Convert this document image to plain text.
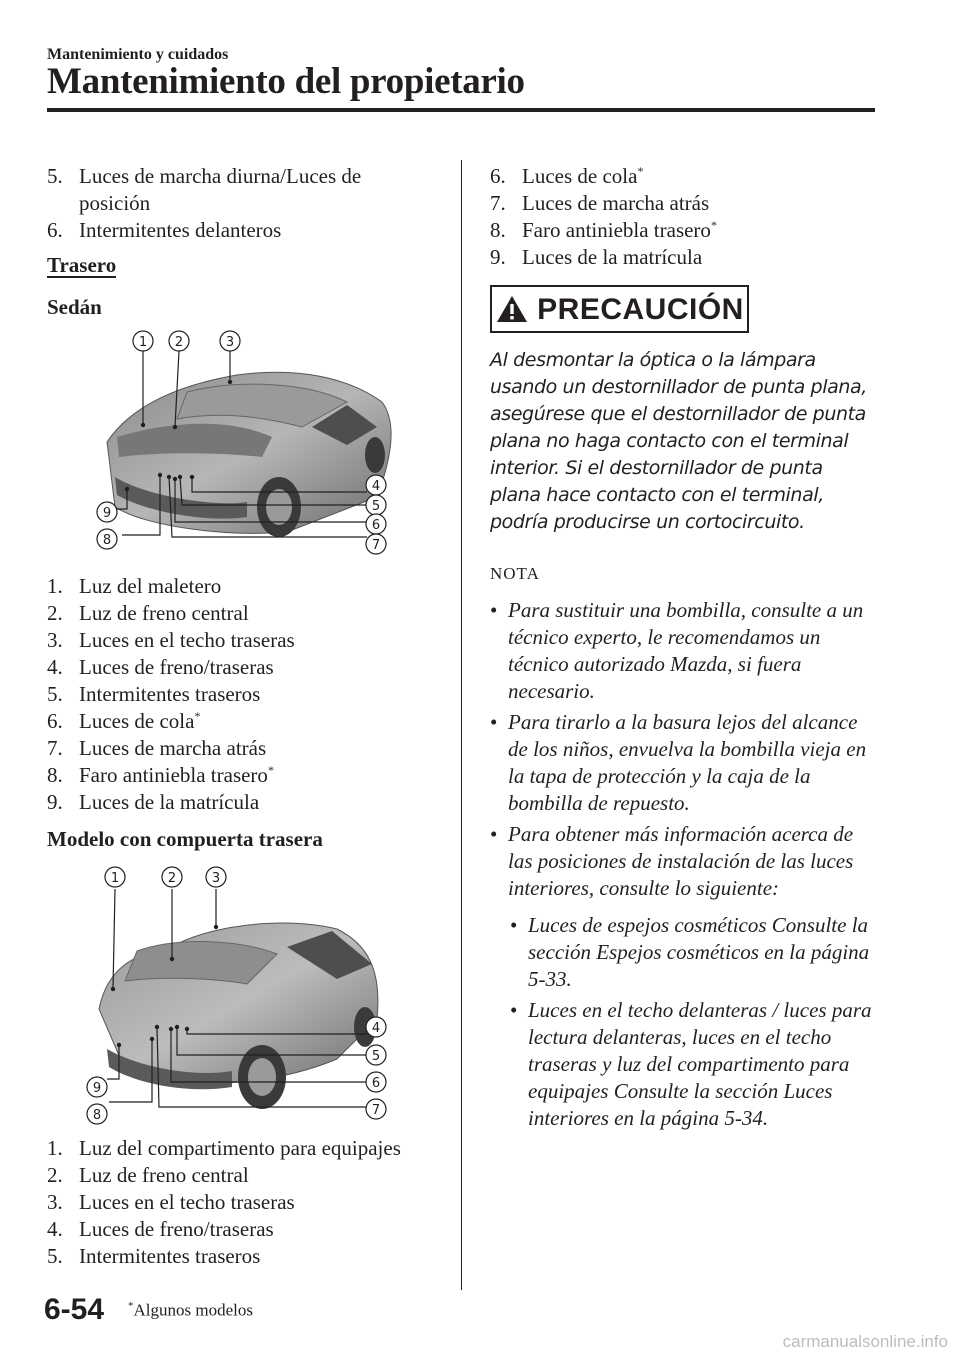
Mantenimiento y cuidados
Mantenimiento del propietario
5. Luces de marcha diurna/Luces de posición
6. Intermitentes delanteros
Trasero
Sedán
1 2	3
4
5
6
7
9
8
1. Luz del maletero
2. Luz de freno central
3. Luces en el techo traseras
4. Luces de freno/traseras
5. Intermitentes traseros
6. Luces de cola*
7. Luces de marcha atrás
8. Faro antiniebla trasero*
9. Luces de la matrícula
Modelo con compuerta trasera
1	2	3
4
5
6
7
9
8
1. Luz del compartimento para equipajes
2. Luz de freno central
3. Luces en el techo traseras
4. Luces de freno/traseras
5. Intermitentes traseros
6. Luces de cola*
7. Luces de marcha atrás
8. Faro antiniebla trasero*
9. Luces de la matrícula
PRECAUCIÓN
Al desmontar la óptica o la lámpara usando un destornillador de punta plana, asegúrese que el destornillador de punta plana no haga contacto con el terminal interior. Si el destornillador de punta plana hace contacto con el terminal, podría producirse un cortocircuito.
NOTA
• Para sustituir una bombilla, consulte a un técnico experto, le recomendamos un técnico autorizado Mazda, si fuera necesario.
• Para tirarlo a la basura lejos del alcance de los niños, envuelva la bombilla vieja en la tapa de protección y la caja de la bombilla de repuesto.
• Para obtener más información acerca de las posiciones de instalación de las luces interiores, consulte lo siguiente:
• Luces de espejos cosméticos Consulte la sección Espejos cosméticos en la página 5-33.
• Luces en el techo delanteras / luces para lectura delanteras, luces en el techo traseras y luz del compartimento para equipajes Consulte la sección Luces interiores en la página 5-34.
6-54 *Algunos modelos
carmanualsonline.info
